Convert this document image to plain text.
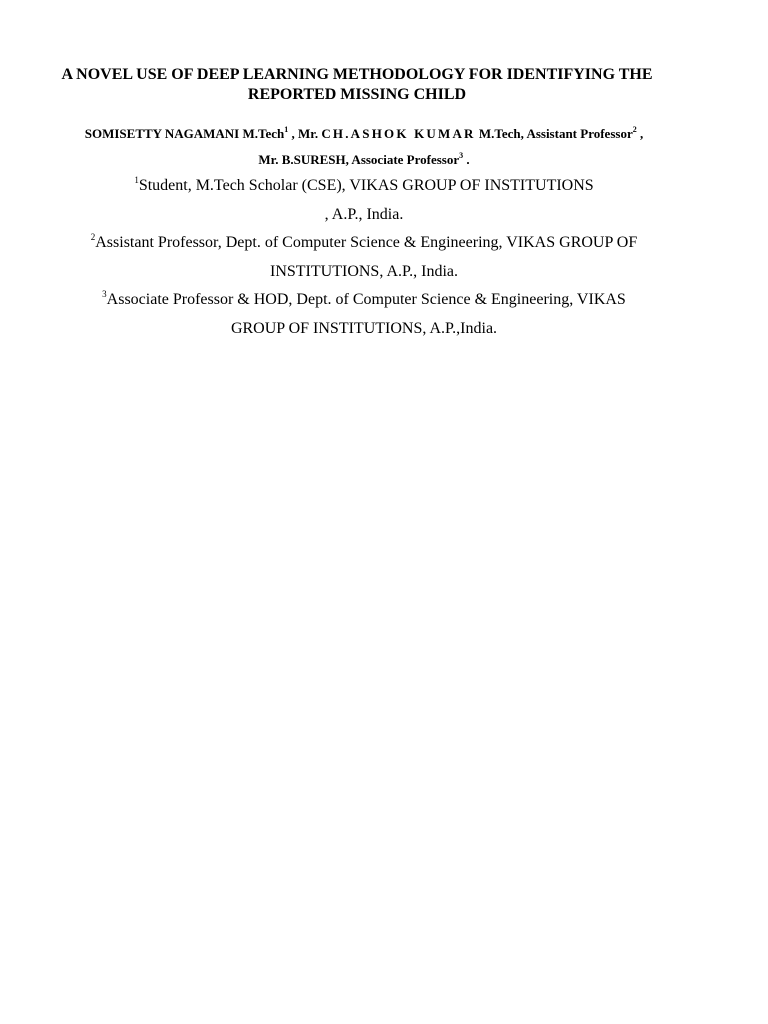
A NOVEL USE OF DEEP LEARNING METHODOLOGY FOR IDENTIFYING THE
REPORTED MISSING CHILD
SOMISETTY NAGAMANI M.Tech$^1$ , Mr. CH.ASHOK KUMAR M.Tech, Assistant Professor$^2$ ,
Mr. B.SURESH, Associate Professor$^3$ .
$^1$Student, M.Tech Scholar (CSE), VIKAS GROUP OF INSTITUTIONS
, A.P., India.
$^2$Assistant Professor, Dept. of Computer Science & Engineering, VIKAS GROUP OF
INSTITUTIONS, A.P., India.
$^3$Associate Professor & HOD, Dept. of Computer Science & Engineering, VIKAS
GROUP OF INSTITUTIONS, A.P.,India.
